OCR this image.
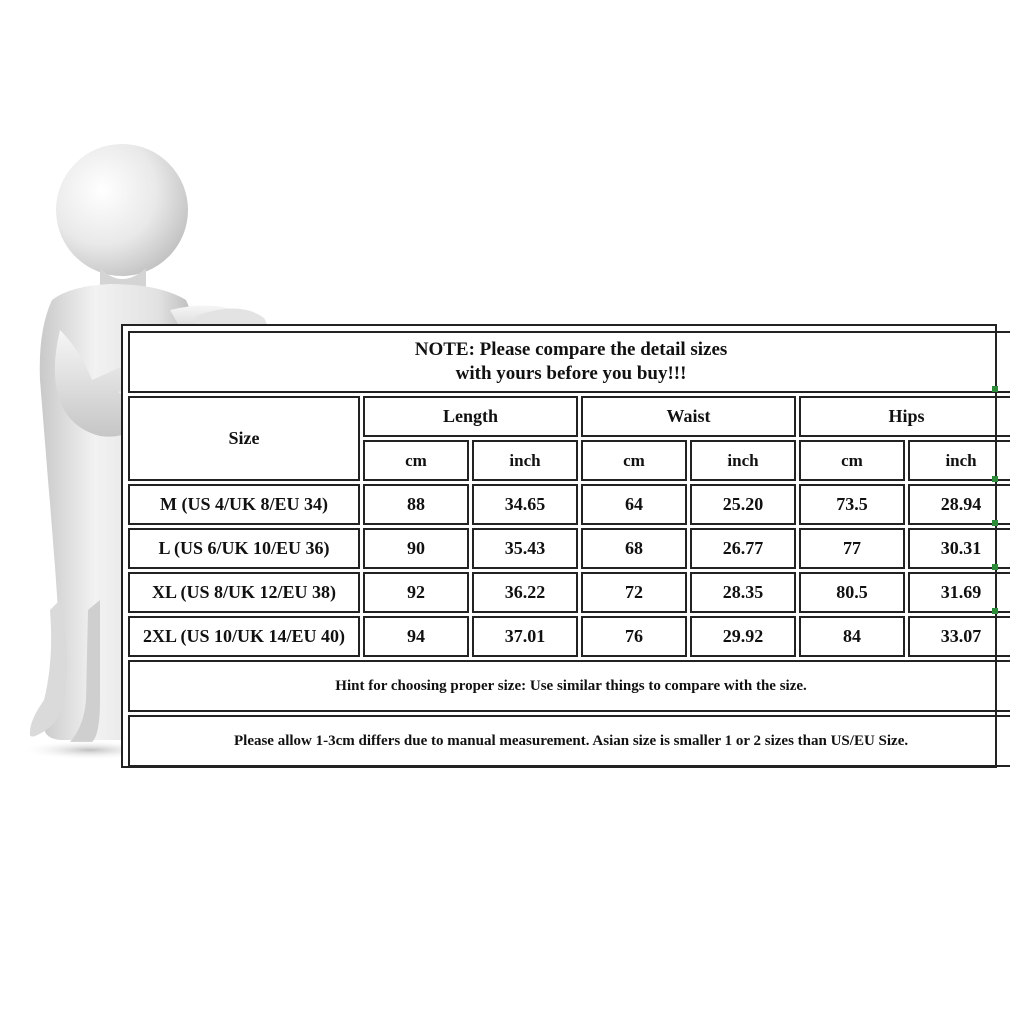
NOTE: Please compare the detail sizes
with yours before you buy!!!						

Size	Length		Waist		Hips	
	cm	inch	cm	inch	cm	inch
M (US 4/UK 8/EU 34)	88	34.65	64	25.20	73.5	28.94
L (US 6/UK 10/EU 36)	90	35.43	68	26.77	77	30.31
XL (US 8/UK 12/EU 38)	92	36.22	72	28.35	80.5	31.69
2XL (US 10/UK 14/EU 40)	94	37.01	76	29.92	84	33.07
Hint for choosing proper size: Use similar things to compare with the size.						
Please allow 1-3cm differs due to manual measurement. Asian size is smaller 1 or 2 sizes than US/EU Size.						
